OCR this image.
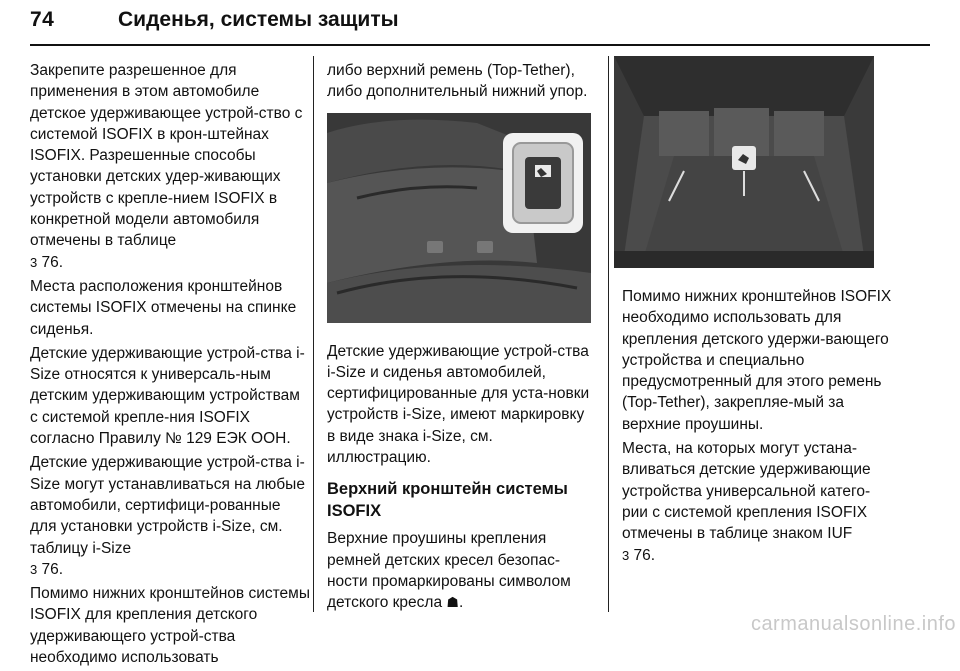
74	Сиденья, системы защиты

Закрепите разрешенное для применения в этом автомобиле детское удерживающее устрой-ство с системой ISOFIX в крон-штейнах ISOFIX. Разрешенные способы установки детских удер-живающих устройств с крепле-нием ISOFIX в конкретной модели автомобиля отмечены в таблице
3 76.

Места расположения кронштейнов системы ISOFIX отмечены на спинке сиденья.

Детские удерживающие устрой-ства i-Size относятся к универсаль-ным детским удерживающим устройствам с системой крепле-ния ISOFIX согласно Правилу № 129 ЕЭК ООН.

Детские удерживающие устрой-ства i-Size могут устанавливаться на любые автомобили, сертифици-рованные для установки устройств i-Size, см. таблицу i-Size
3 76.

Помимо нижних кронштейнов системы ISOFIX для крепления детского удерживающего устрой-ства необходимо использовать

либо верхний ремень (Top-Tether), либо дополнительный нижний упор.

Детские удерживающие устрой-ства i-Size и сиденья автомобилей, сертифицированные для уста-новки устройств i-Size, имеют маркировку в виде знака i-Size, см. иллюстрацию.

Верхний кронштейн системы ISOFIX

Верхние проушины крепления ремней детских кресел безопас-ности промаркированы символом детского кресла ☗.

Помимо нижних кронштейнов ISOFIX необходимо использовать для крепления детского удержи-вающего устройства и специально предусмотренный для этого ремень (Top-Tether), закрепляе-мый за верхние проушины.

Места, на которых могут устана-вливаться детские удерживающие устройства универсальной катего-рии с системой крепления ISOFIX отмечены в таблице знаком IUF
3 76.

carmanualsonline.info
